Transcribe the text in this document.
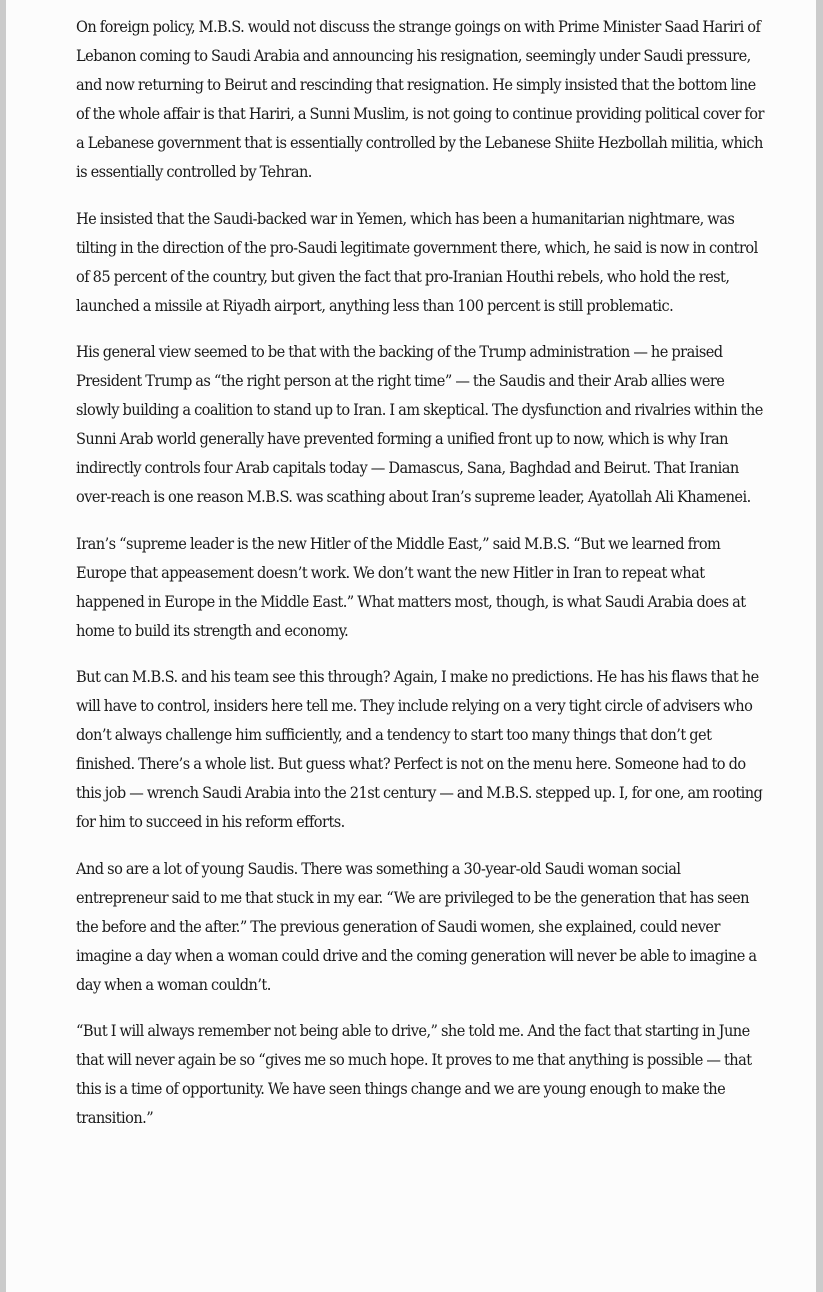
On foreign policy, M.B.S. would not discuss the strange goings on with Prime Minister Saad Hariri of Lebanon coming to Saudi Arabia and announcing his resignation, seemingly under Saudi pressure, and now returning to Beirut and rescinding that resignation. He simply insisted that the bottom line of the whole affair is that Hariri, a Sunni Muslim, is not going to continue providing political cover for a Lebanese government that is essentially controlled by the Lebanese Shiite Hezbollah militia, which is essentially controlled by Tehran.

He insisted that the Saudi-backed war in Yemen, which has been a humanitarian nightmare, was tilting in the direction of the pro-Saudi legitimate government there, which, he said is now in control of 85 percent of the country, but given the fact that pro-Iranian Houthi rebels, who hold the rest, launched a missile at Riyadh airport, anything less than 100 percent is still problematic.

His general view seemed to be that with the backing of the Trump administration — he praised President Trump as “the right person at the right time” — the Saudis and their Arab allies were slowly building a coalition to stand up to Iran. I am skeptical. The dysfunction and rivalries within the Sunni Arab world generally have prevented forming a unified front up to now, which is why Iran indirectly controls four Arab capitals today — Damascus, Sana, Baghdad and Beirut. That Iranian over-reach is one reason M.B.S. was scathing about Iran’s supreme leader, Ayatollah Ali Khamenei.

Iran’s “supreme leader is the new Hitler of the Middle East,” said M.B.S. “But we learned from Europe that appeasement doesn’t work. We don’t want the new Hitler in Iran to repeat what happened in Europe in the Middle East.” What matters most, though, is what Saudi Arabia does at home to build its strength and economy.

But can M.B.S. and his team see this through? Again, I make no predictions. He has his flaws that he will have to control, insiders here tell me. They include relying on a very tight circle of advisers who don’t always challenge him sufficiently, and a tendency to start too many things that don’t get finished. There’s a whole list. But guess what? Perfect is not on the menu here. Someone had to do this job — wrench Saudi Arabia into the 21st century — and M.B.S. stepped up. I, for one, am rooting for him to succeed in his reform efforts.

And so are a lot of young Saudis. There was something a 30-year-old Saudi woman social entrepreneur said to me that stuck in my ear. “We are privileged to be the generation that has seen the before and the after.” The previous generation of Saudi women, she explained, could never imagine a day when a woman could drive and the coming generation will never be able to imagine a day when a woman couldn’t.

“But I will always remember not being able to drive,” she told me. And the fact that starting in June that will never again be so “gives me so much hope. It proves to me that anything is possible — that this is a time of opportunity. We have seen things change and we are young enough to make the transition.”
